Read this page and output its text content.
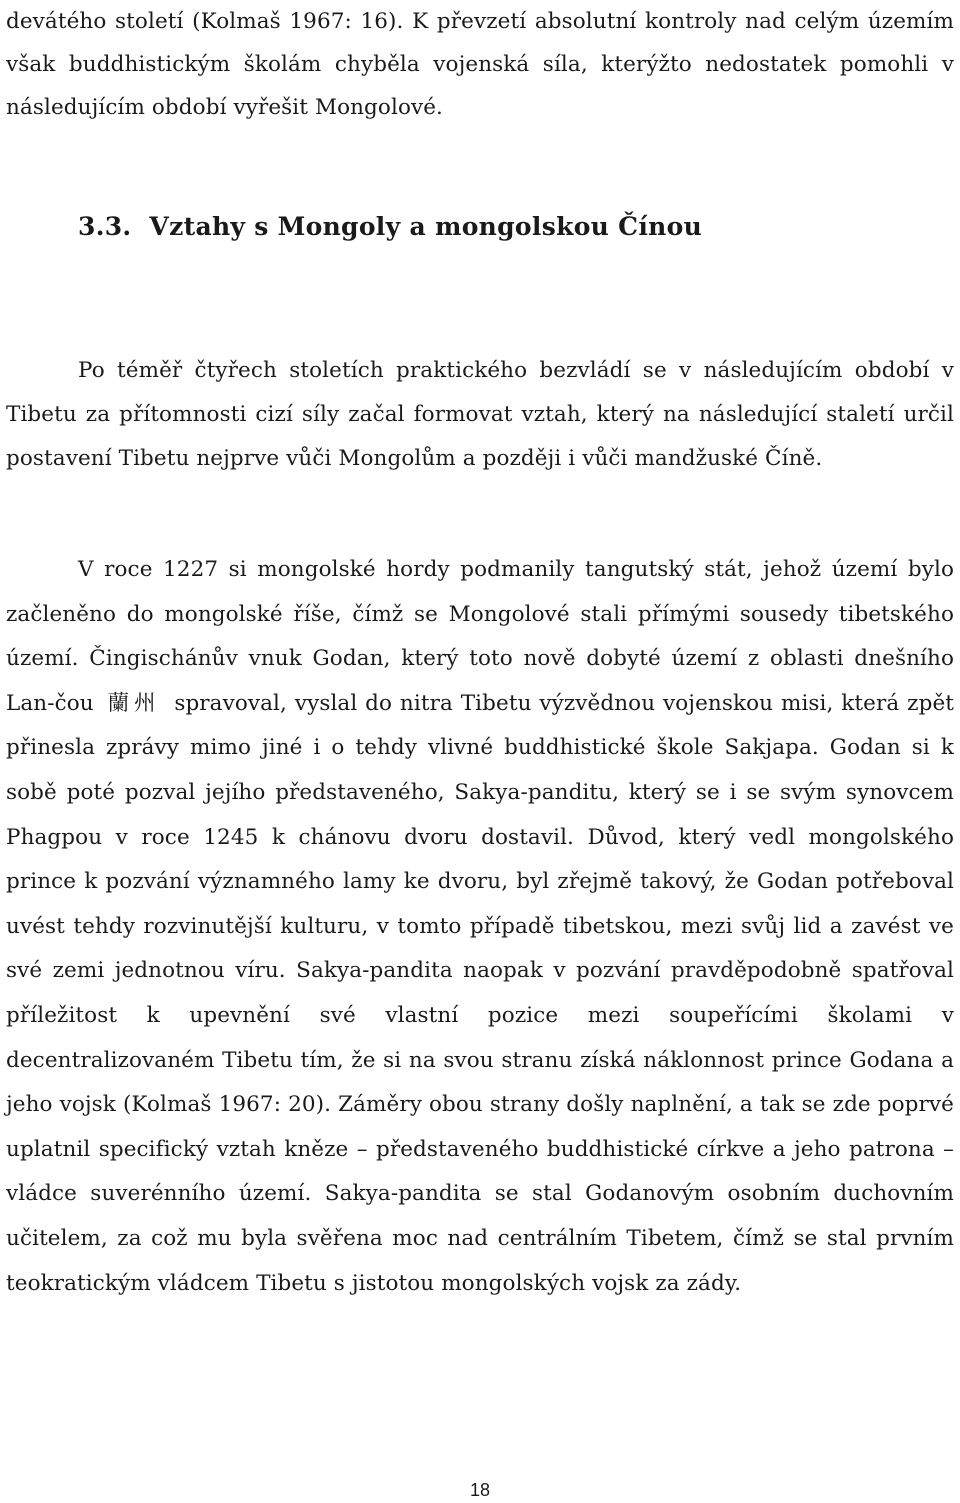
devátého století (Kolmaš 1967: 16). K převzetí absolutní kontroly nad celým územím však buddhistickým školám chyběla vojenská síla, kterýžto nedostatek pomohli v následujícím období vyřešit Mongolové.

3.3. Vztahy s Mongoly a mongolskou Čínou

Po téměř čtyřech stoletích praktického bezvládí se v následujícím období v Tibetu za přítomnosti cizí síly začal formovat vztah, který na následující staletí určil postavení Tibetu nejprve vůči Mongolům a později i vůči mandžuské Číně.

V roce 1227 si mongolské hordy podmanily tangutský stát, jehož území bylo začleněno do mongolské říše, čímž se Mongolové stali přímými sousedy tibetského území. Čingischánův vnuk Godan, který toto nově dobyté území z oblasti dnešního Lan-čou 蘭州 spravoval, vyslal do nitra Tibetu výzvědnou vojenskou misi, která zpět přinesla zprávy mimo jiné i o tehdy vlivné buddhistické škole Sakjapa. Godan si k sobě poté pozval jejího představeného, Sakya-panditu, který se i se svým synovcem Phagpou v roce 1245 k chánovu dvoru dostavil. Důvod, který vedl mongolského prince k pozvání významného lamy ke dvoru, byl zřejmě takový, že Godan potřeboval uvést tehdy rozvinutější kulturu, v tomto případě tibetskou, mezi svůj lid a zavést ve své zemi jednotnou víru. Sakya-pandita naopak v pozvání pravděpodobně spatřoval příležitost k upevnění své vlastní pozice mezi soupeřícími školami v decentralizovaném Tibetu tím, že si na svou stranu získá náklonnost prince Godana a jeho vojsk (Kolmaš 1967: 20). Záměry obou strany došly naplnění, a tak se zde poprvé uplatnil specifický vztah kněze – představeného buddhistické církve a jeho patrona – vládce suverénního území. Sakya-pandita se stal Godanovým osobním duchovním učitelem, za což mu byla svěřena moc nad centrálním Tibetem, čímž se stal prvním teokratickým vládcem Tibetu s jistotou mongolských vojsk za zády.

18
